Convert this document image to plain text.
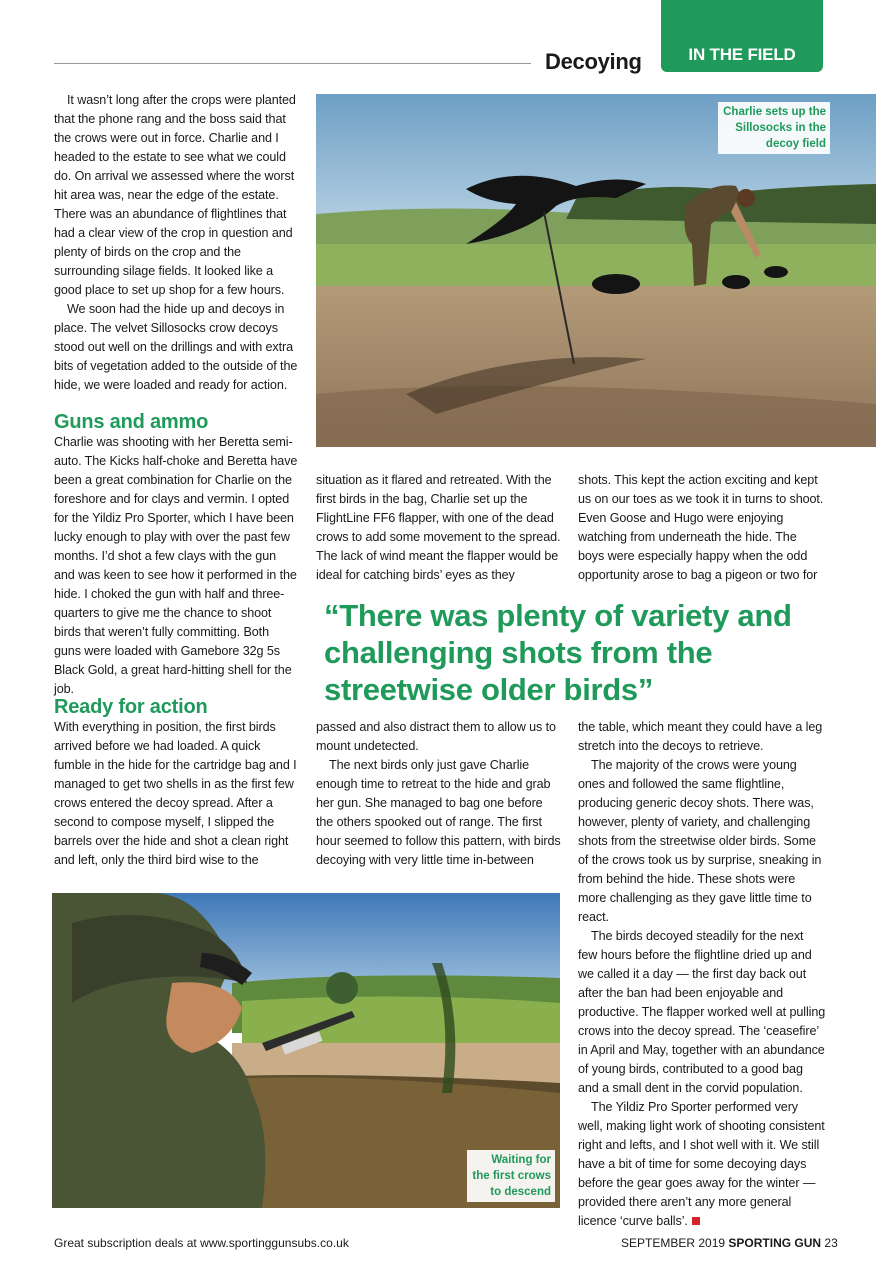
IN THE FIELD
Decoying
Charlie sets up the Sillosocks in the decoy field

It wasn’t long after the crops were planted that the phone rang and the boss said that the crows were out in force. Charlie and I headed to the estate to see what we could do. On arrival we assessed where the worst hit area was, near the edge of the estate. There was an abundance of flightlines that had a clear view of the crop in question and plenty of birds on the crop and the surrounding silage fields. It looked like a good place to set up shop for a few hours.

We soon had the hide up and decoys in place. The velvet Sillosocks crow decoys stood out well on the drillings and with extra bits of vegetation added to the outside of the hide, we were loaded and ready for action.

Guns and ammo

Charlie was shooting with her Beretta semi-auto. The Kicks half-choke and Beretta have been a great combination for Charlie on the foreshore and for clays and vermin. I opted for the Yildiz Pro Sporter, which I have been lucky enough to play with over the past few months. I’d shot a few clays with the gun and was keen to see how it performed in the hide. I choked the gun with half and three-quarters to give me the chance to shoot birds that weren’t fully committing. Both guns were loaded with Gamebore 32g 5s Black Gold, a great hard-hitting shell for the job.

Ready for action

With everything in position, the first birds arrived before we had loaded. A quick fumble in the hide for the cartridge bag and I managed to get two shells in as the first few crows entered the decoy spread. After a second to compose myself, I slipped the barrels over the hide and shot a clean right and left, only the third bird wise to the

situation as it flared and retreated. With the first birds in the bag, Charlie set up the FlightLine FF6 flapper, with one of the dead crows to add some movement to the spread. The lack of wind meant the flapper would be ideal for catching birds’ eyes as they

passed and also distract them to allow us to mount undetected.

The next birds only just gave Charlie enough time to retreat to the hide and grab her gun. She managed to bag one before the others spooked out of range. The first hour seemed to follow this pattern, with birds decoying with very little time in-between

shots. This kept the action exciting and kept us on our toes as we took it in turns to shoot. Even Goose and Hugo were enjoying watching from underneath the hide. The boys were especially happy when the odd opportunity arose to bag a pigeon or two for

the table, which meant they could have a leg stretch into the decoys to retrieve.

The majority of the crows were young ones and followed the same flightline, producing generic decoy shots. There was, however, plenty of variety, and challenging shots from the streetwise older birds. Some of the crows took us by surprise, sneaking in from behind the hide. These shots were more challenging as they gave little time to react.

The birds decoyed steadily for the next few hours before the flightline dried up and we called it a day — the first day back out after the ban had been enjoyable and productive. The flapper worked well at pulling crows into the decoy spread. The ‘ceasefire’ in April and May, together with an abundance of young birds, contributed to a good bag and a small dent in the corvid population.

The Yildiz Pro Sporter performed very well, making light work of shooting consistent right and lefts, and I shot well with it. We still have a bit of time for some decoying days before the gear goes away for the winter — provided there aren’t any more general licence ‘curve balls’.

“There was plenty of variety and challenging shots from the streetwise older birds”
Waiting for the first crows to descend
Great subscription deals at www.sportinggunsubs.co.uk	SEPTEMBER 2019 SPORTING GUN 23
